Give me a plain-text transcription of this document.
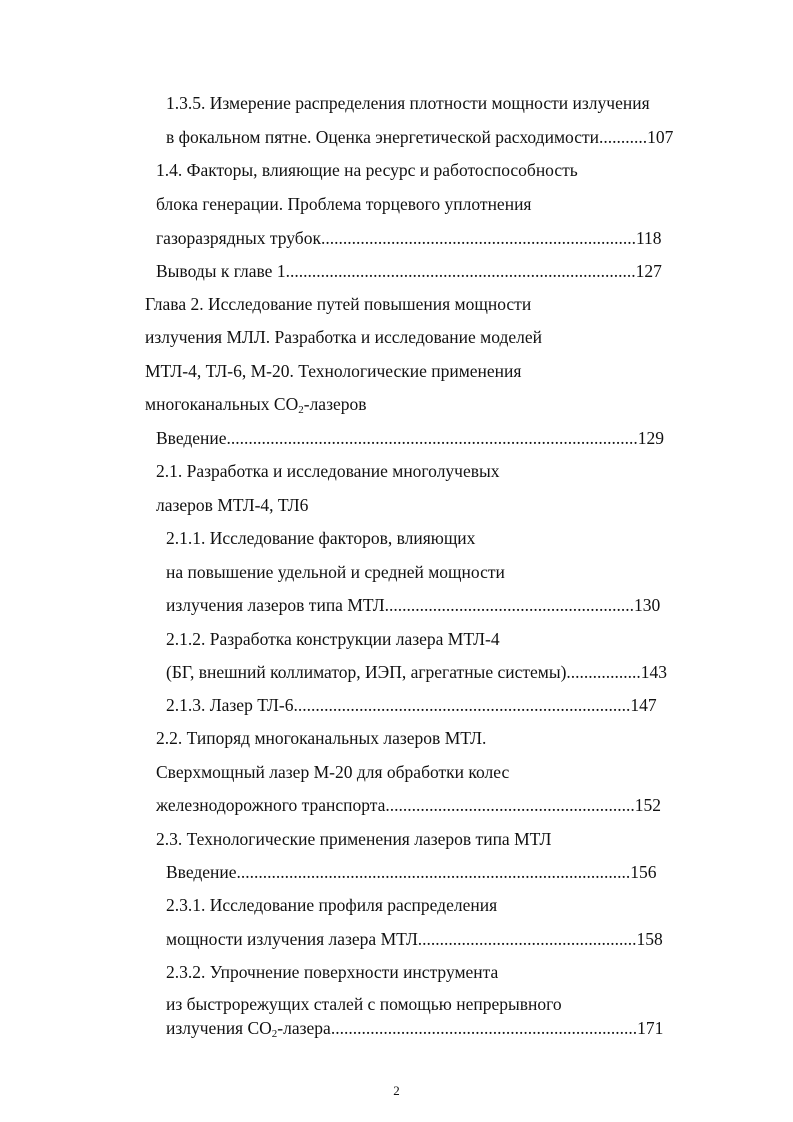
1.3.5. Измерение распределения плотности мощности излучения
в фокальном пятне. Оценка энергетической расходимости...........107
1.4. Факторы, влияющие на ресурс и работоспособность
блока генерации. Проблема торцевого уплотнения
газоразрядных трубок........................................................................118
Выводы к главе 1................................................................................127
Глава 2. Исследование путей повышения мощности
излучения МЛЛ. Разработка и исследование моделей
МТЛ-4, ТЛ-6, М-20. Технологические применения
многоканальных $CO_2$-лазеров
Введение..............................................................................................129
2.1. Разработка и исследование многолучевых
лазеров МТЛ-4, ТЛ6
2.1.1. Исследование факторов, влияющих
на повышение удельной и средней мощности
излучения лазеров типа МТЛ.........................................................130
2.1.2. Разработка конструкции лазера МТЛ-4
(БГ, внешний коллиматор, ИЭП, агрегатные системы).................143
2.1.3. Лазер ТЛ-6.............................................................................147
2.2. Типоряд многоканальных лазеров МТЛ.
Сверхмощный лазер М-20 для обработки колес
железнодорожного транспорта.........................................................152
2.3. Технологические применения лазеров типа МТЛ
Введение..........................................................................................156
2.3.1. Исследование профиля распределения
мощности излучения лазера МТЛ..................................................158
2.3.2. Упрочнение поверхности инструмента
из быстрорежущих сталей с помощью непрерывного
излучения $CO_2-лазера......................................................................171$
2
